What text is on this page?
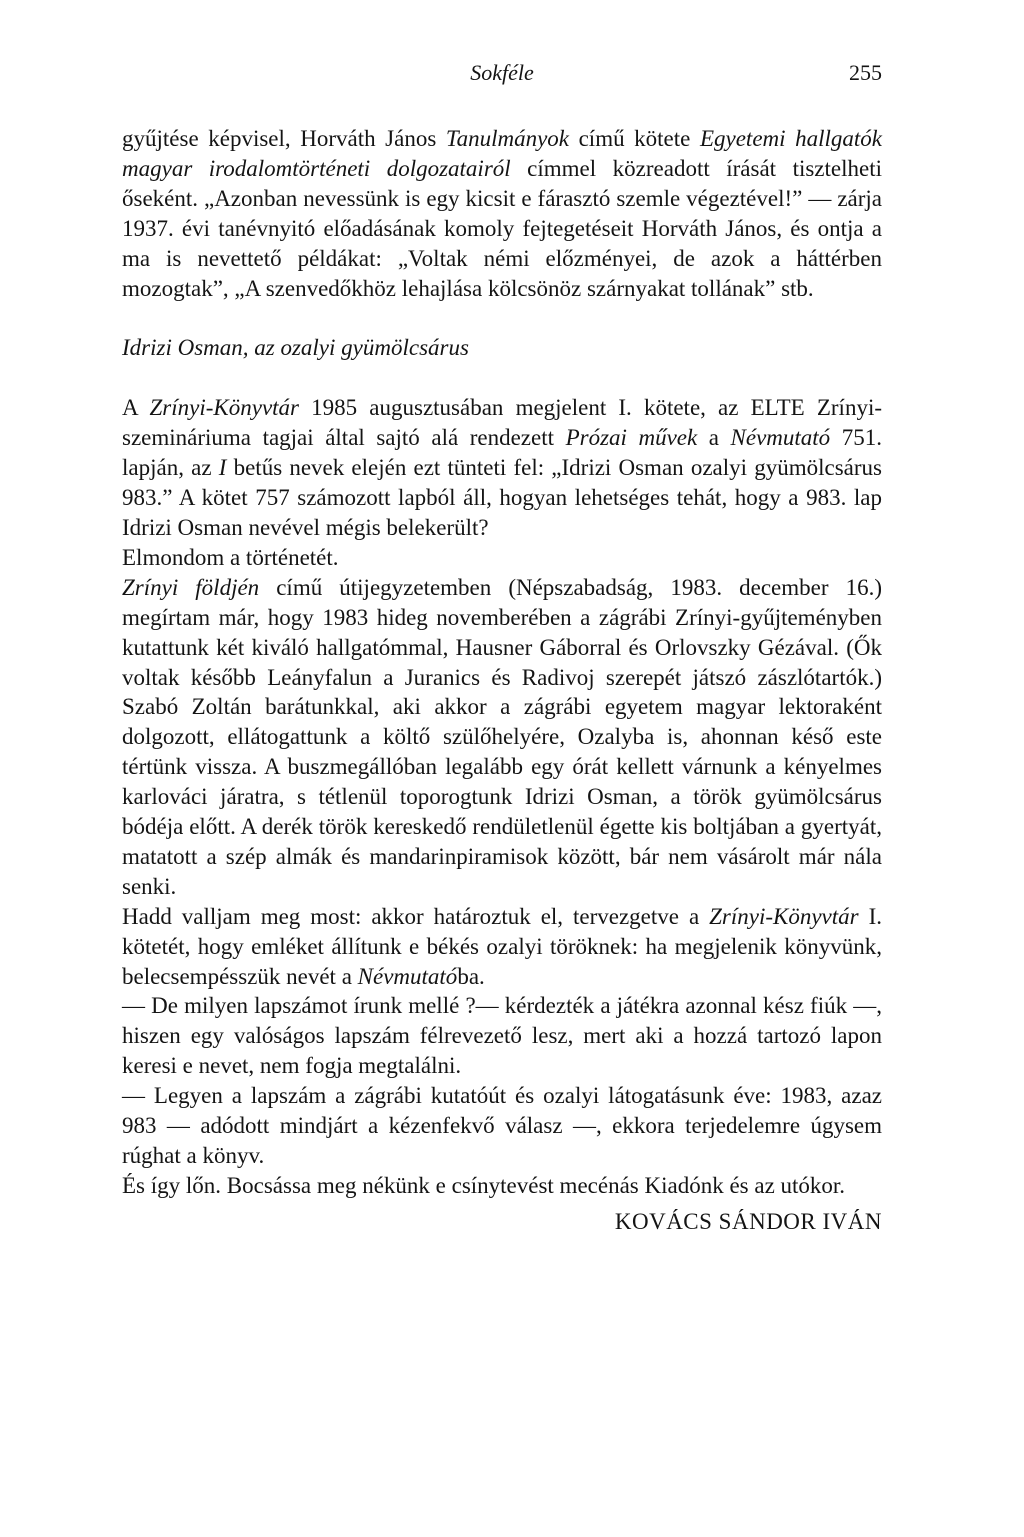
Sokféle	255

gyűjtése képvisel, Horváth János Tanulmányok című kötete Egyetemi hallgatók magyar irodalomtörténeti dolgozatairól címmel közreadott írását tisztelheti őseként. „Azonban nevessünk is egy kicsit e fárasztó szemle végeztével!” — zárja 1937. évi tanévnyitó előadásának komoly fejtegetéseit Horváth János, és ontja a ma is nevettető példákat: „Voltak némi előzményei, de azok a háttérben mozogtak”, „A szenvedőkhöz lehajlása kölcsönöz szárnyakat tollának” stb.

Idrizi Osman, az ozalyi gyümölcsárus

A Zrínyi-Könyvtár 1985 augusztusában megjelent I. kötete, az ELTE Zrínyi-szemináriuma tagjai által sajtó alá rendezett Prózai művek a Névmutató 751. lapján, az I betűs nevek elején ezt tünteti fel: „Idrizi Osman ozalyi gyümölcsárus 983.” A kötet 757 számozott lapból áll, hogyan lehetséges tehát, hogy a 983. lap Idrizi Osman nevével mégis belekerült?

Elmondom a történetét.

Zrínyi földjén című útijegyzetemben (Népszabadság, 1983. december 16.) megírtam már, hogy 1983 hideg novemberében a zágrábi Zrínyi-gyűjteményben kutattunk két kiváló hallgatómmal, Hausner Gáborral és Orlovszky Gézával. (Ők voltak később Leányfalun a Juranics és Radivoj szerepét játszó zászlótartók.) Szabó Zoltán barátunkkal, aki akkor a zágrábi egyetem magyar lektoraként dolgozott, ellátogattunk a költő szülőhelyére, Ozalyba is, ahonnan késő este tértünk vissza. A buszmegállóban legalább egy órát kellett várnunk a kényelmes karlováci járatra, s tétlenül toporogtunk Idrizi Osman, a török gyümölcsárus bódéja előtt. A derék török kereskedő rendületlenül égette kis boltjában a gyertyát, matatott a szép almák és mandarinpiramisok között, bár nem vásárolt már nála senki.

Hadd valljam meg most: akkor határoztuk el, tervezgetve a Zrínyi-Könyvtár I. kötetét, hogy emléket állítunk e békés ozalyi töröknek: ha megjelenik könyvünk, belecsempésszük nevét a Névmutatóba.

— De milyen lapszámot írunk mellé ?— kérdezték a játékra azonnal kész fiúk —, hiszen egy valóságos lapszám félrevezető lesz, mert aki a hozzá tartozó lapon keresi e nevet, nem fogja megtalálni.

— Legyen a lapszám a zágrábi kutatóút és ozalyi látogatásunk éve: 1983, azaz 983 — adódott mindjárt a kézenfekvő válasz —, ekkora terjedelemre úgysem rúghat a könyv.

És így lőn. Bocsássa meg nékünk e csínytevést mecénás Kiadónk és az utókor.

KOVÁCS SÁNDOR IVÁN
